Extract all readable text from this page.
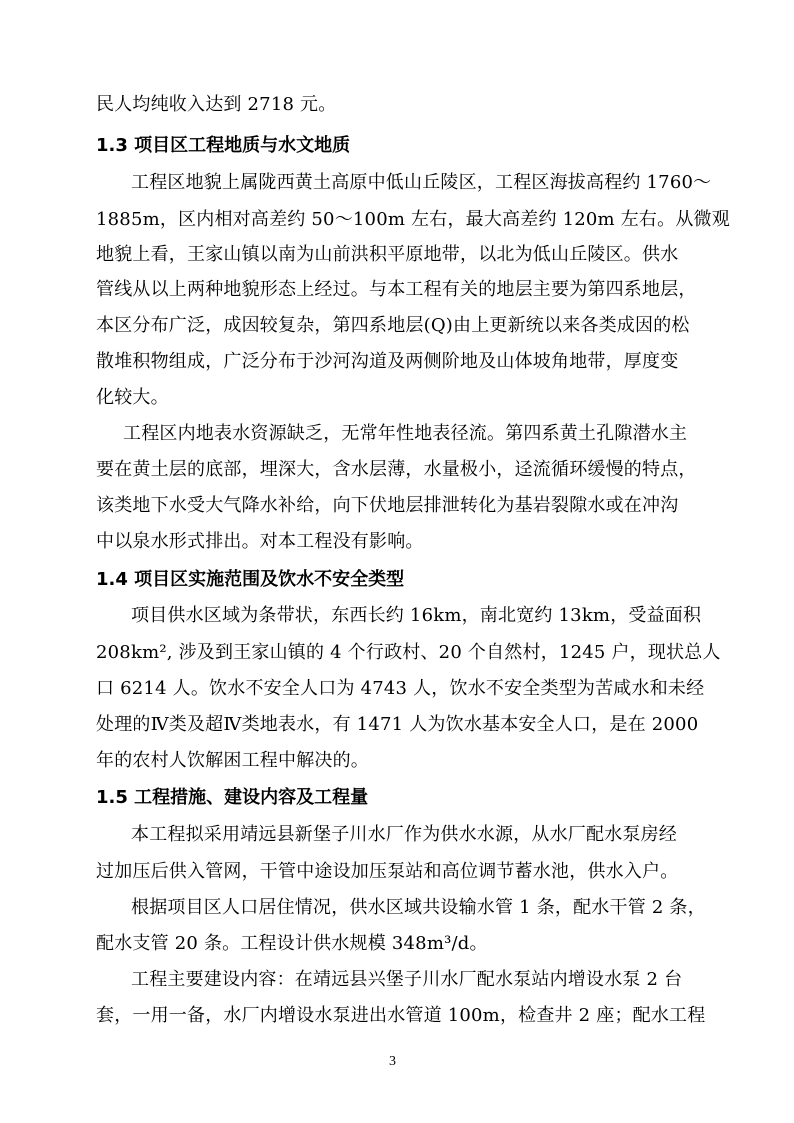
民人均纯收入达到 2718 元。
1.3 项目区工程地质与水文地质
工程区地貌上属陇西黄土高原中低山丘陵区，工程区海拔高程约 1760～
1885m，区内相对高差约 50～100m 左右，最大高差约 120m 左右。从微观
地貌上看，王家山镇以南为山前洪积平原地带，以北为低山丘陵区。供水
管线从以上两种地貌形态上经过。与本工程有关的地层主要为第四系地层，
本区分布广泛，成因较复杂，第四系地层(Q)由上更新统以来各类成因的松
散堆积物组成，广泛分布于沙河沟道及两侧阶地及山体坡角地带，厚度变
化较大。
工程区内地表水资源缺乏，无常年性地表径流。第四系黄土孔隙潜水主
要在黄土层的底部，埋深大，含水层薄，水量极小，迳流循环缓慢的特点，
该类地下水受大气降水补给，向下伏地层排泄转化为基岩裂隙水或在冲沟
中以泉水形式排出。对本工程没有影响。
1.4 项目区实施范围及饮水不安全类型
项目供水区域为条带状，东西长约 16km，南北宽约 13km，受益面积
208km², 涉及到王家山镇的 4 个行政村、20 个自然村，1245 户，现状总人
口 6214 人。饮水不安全人口为 4743 人，饮水不安全类型为苦咸水和未经
处理的Ⅳ类及超Ⅳ类地表水，有 1471 人为饮水基本安全人口，是在 2000
年的农村人饮解困工程中解决的。
1.5 工程措施、建设内容及工程量
本工程拟采用靖远县新堡子川水厂作为供水水源，从水厂配水泵房经
过加压后供入管网，干管中途设加压泵站和高位调节蓄水池，供水入户。
根据项目区人口居住情况，供水区域共设输水管 1 条，配水干管 2 条，
配水支管 20 条。工程设计供水规模 348m³/d。
工程主要建设内容：在靖远县兴堡子川水厂配水泵站内增设水泵 2 台
套，一用一备，水厂内增设水泵进出水管道 100m，检查井 2 座；配水工程
3
